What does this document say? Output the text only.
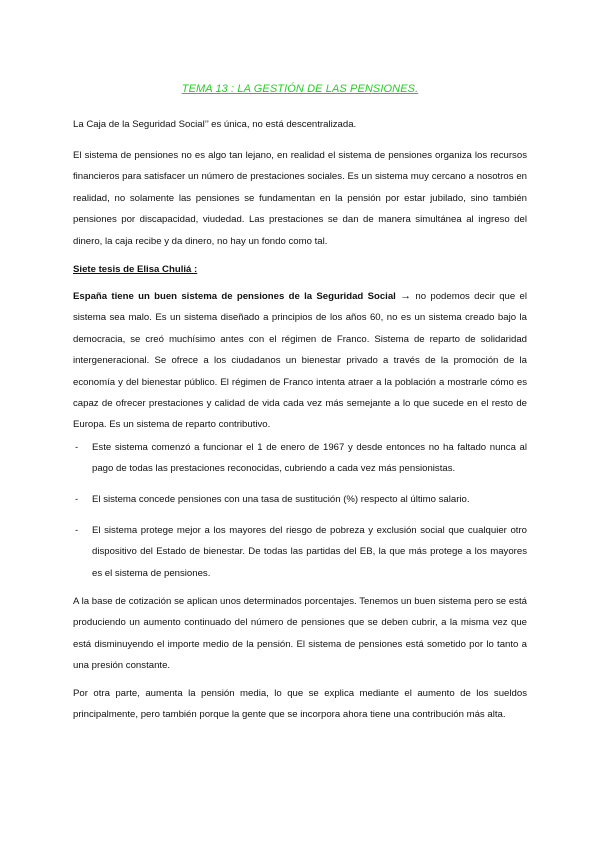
TEMA 13 : LA GESTIÓN DE LAS PENSIONES.

La Caja de la Seguridad Social’’ es única, no está descentralizada.

El sistema de pensiones no es algo tan lejano, en realidad el sistema de pensiones organiza los recursos financieros para satisfacer un número de prestaciones sociales. Es un sistema muy cercano a nosotros en realidad, no solamente las pensiones se fundamentan en la pensión por estar jubilado, sino también pensiones por discapacidad, viudedad. Las prestaciones se dan de manera simultánea al ingreso del dinero, la caja recibe y da dinero, no hay un fondo como tal.

Siete tesis de Elisa Chuliá :

España tiene un buen sistema de pensiones de la Seguridad Social → no podemos decir que el sistema sea malo. Es un sistema diseñado a principios de los años 60, no es un sistema creado bajo la democracia, se creó muchísimo antes con el régimen de Franco. Sistema de reparto de solidaridad intergeneracional. Se ofrece a los ciudadanos un bienestar privado a través de la promoción de la economía y del bienestar público. El régimen de Franco intenta atraer a la población a mostrarle cómo es capaz de ofrecer prestaciones y calidad de vida cada vez más semejante a lo que sucede en el resto de Europa. Es un sistema de reparto contributivo.

- Este sistema comenzó a funcionar el 1 de enero de 1967 y desde entonces no ha faltado nunca al pago de todas las prestaciones reconocidas, cubriendo a cada vez más pensionistas.
- El sistema concede pensiones con una tasa de sustitución (%) respecto al último salario.
- El sistema protege mejor a los mayores del riesgo de pobreza y exclusión social que cualquier otro dispositivo del Estado de bienestar. De todas las partidas del EB, la que más protege a los mayores es el sistema de pensiones.

A la base de cotización se aplican unos determinados porcentajes. Tenemos un buen sistema pero se está produciendo un aumento continuado del número de pensiones que se deben cubrir, a la misma vez que está disminuyendo el importe medio de la pensión. El sistema de pensiones está sometido por lo tanto a una presión constante.

Por otra parte, aumenta la pensión media, lo que se explica mediante el aumento de los sueldos principalmente, pero también porque la gente que se incorpora ahora tiene una contribución más alta.
